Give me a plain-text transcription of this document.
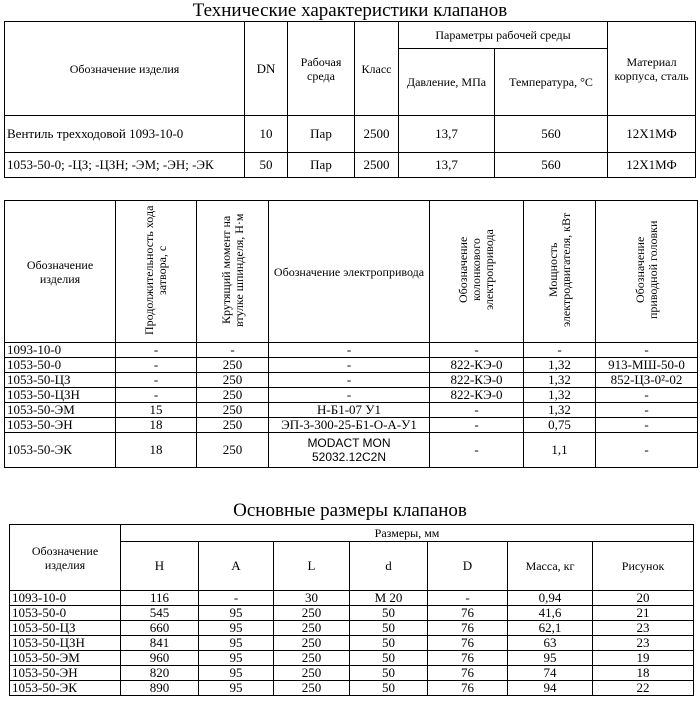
Технические характеристики клапанов
Обозначение изделия	DN	Рабочая среда	Класс	Параметры рабочей среды		Материал корпуса, сталь
				Давление, МПа	Температура, °С	
Вентиль трехходовой 1093-10-0	10	Пар	2500	13,7	560	12Х1МФ
1053-50-0; -ЦЗ; -ЦЗН; -ЭМ; -ЭН; -ЭК	50	Пар	2500	13,7	560	12Х1МФ
Обозначение изделия	Продолжительность хода затвора, с	Крутящий момент на втулке шпинделя, Н·м	Обозначение электропривода	Обозначение колонкового электропривода	Мощность электродвигателя, кВт	Обозначение приводной головки
1093-10-0	-	-	-	-	-	-
1053-50-0	-	250	-	822-КЭ-0	1,32	913-МШ-50-0
1053-50-ЦЗ	-	250	-	822-КЭ-0	1,32	852-ЦЗ-0²-02
1053-50-ЦЗН	-	250	-	822-КЭ-0	1,32	-
1053-50-ЭМ	15	250	Н-Б1-07 У1	-	1,32	-
1053-50-ЭН	18	250	ЭП-3-300-25-Б1-О-А-У1	-	0,75	-
1053-50-ЭК	18	250	MODACT MON 52032.12C2N	-	1,1	-
Основные размеры клапанов
Обозначение изделия	Размеры, мм						
	H	A	L	d	D	Масса, кг	Рисунок
1093-10-0	116	-	30	М 20	-	0,94	20
1053-50-0	545	95	250	50	76	41,6	21
1053-50-ЦЗ	660	95	250	50	76	62,1	23
1053-50-ЦЗН	841	95	250	50	76	63	23
1053-50-ЭМ	960	95	250	50	76	95	19
1053-50-ЭН	820	95	250	50	76	74	18
1053-50-ЭК	890	95	250	50	76	94	22
